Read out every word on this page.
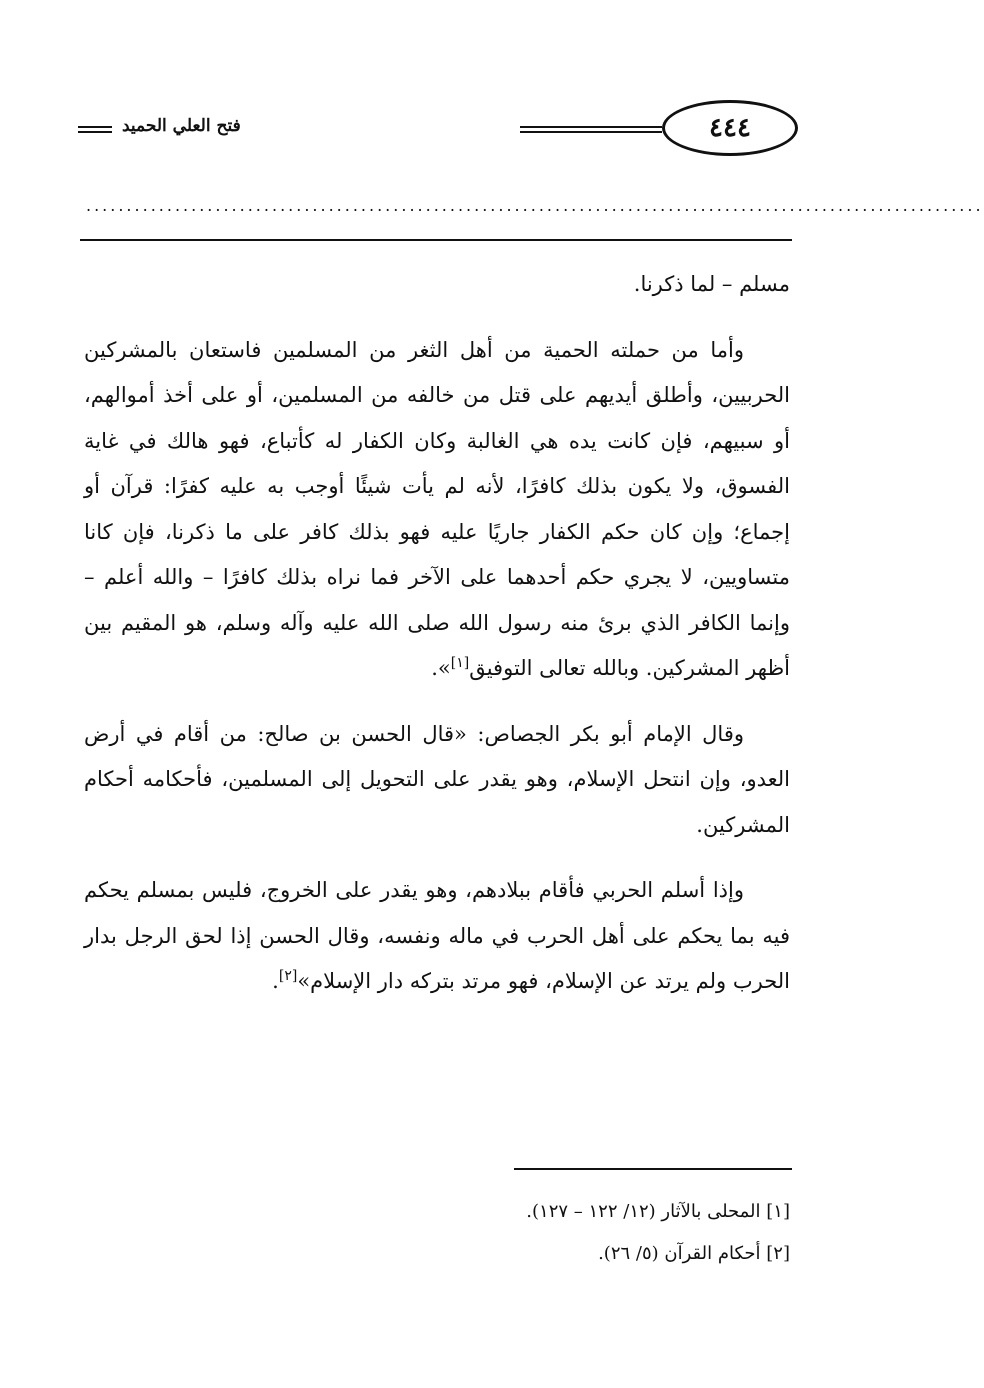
فتح العلي الحميد	٤٤٤
...............................................................................................................

مسلم – لما ذكرنا.

وأما من حملته الحمية من أهل الثغر من المسلمين فاستعان بالمشركين الحربيين، وأطلق أيديهم على قتل من خالفه من المسلمين، أو على أخذ أموالهم، أو سبيهم، فإن كانت يده هي الغالبة وكان الكفار له كأتباع، فهو هالك في غاية الفسوق، ولا يكون بذلك كافرًا، لأنه لم يأت شيئًا أوجب به عليه كفرًا: قرآن أو إجماع؛ وإن كان حكم الكفار جاريًا عليه فهو بذلك كافر على ما ذكرنا، فإن كانا متساويين، لا يجري حكم أحدهما على الآخر فما نراه بذلك كافرًا – والله أعلم – وإنما الكافر الذي برئ منه رسول الله صلى الله عليه وآله وسلم، هو المقيم بين أظهر المشركين. وبالله تعالى التوفيق[١]».

وقال الإمام أبو بكر الجصاص: «قال الحسن بن صالح: من أقام في أرض العدو، وإن انتحل الإسلام، وهو يقدر على التحويل إلى المسلمين، فأحكامه أحكام المشركين.

وإذا أسلم الحربي فأقام ببلادهم، وهو يقدر على الخروج، فليس بمسلم يحكم فيه بما يحكم على أهل الحرب في ماله ونفسه، وقال الحسن إذا لحق الرجل بدار الحرب ولم يرتد عن الإسلام، فهو مرتد بتركه دار الإسلام»[٢].

[١] المحلى بالآثار (١٢/ ١٢٢ – ١٢٧).
[٢] أحكام القرآن (٥/ ٢٦).
